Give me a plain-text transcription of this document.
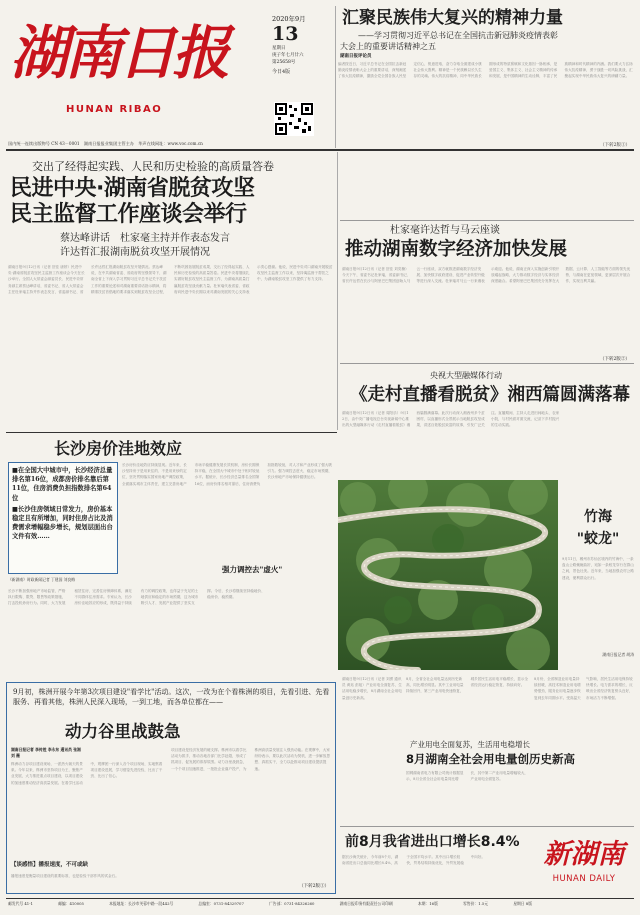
湖南日报
HUNAN RIBAO
2020年9月
13
星期日
庚子年七月廿六
第25658号
今日4版
国内统一连续出版物号 CN 43－0001　湖南日报报业集团主管主办　华声在线网址：www.voc.com.cn
汇聚民族伟大复兴的精神力量
——学习贯彻习近平总书记在全国抗击新冠肺炎疫情表彰
大会上的重要讲话精神之五
湖南日报评论员
编者按近日，习近平总书记在全国抗击新冠肺炎疫情表彰大会上的重要讲话，深刻阐述了伟大抗疫精神，激励全党全国各族人民坚定信心，锐意进取，奋力夺取全面建成小康社会伟大胜利。精神是一个民族赖以长久生存的灵魂。伟大的抗疫精神，同中华民族长期形成的特质禀赋和文化基因一脉相承，是爱国主义、集体主义、社会主义精神的传承和发展，是中国精神的生动诠释，丰富了民族精神和时代精神的内涵。我们要大力弘扬伟大抗疫精神，勇于战胜一切风险挑战，汇聚起实现中华民族伟大复兴的磅礴力量。
（下转2版①）
交出了经得起实践、人民和历史检验的高质量答卷
民进中央·湖南省脱贫攻坚
民主监督工作座谈会举行
蔡达峰讲话　杜家毫主持并作表态发言
许达哲汇报湖南脱贫攻坚开展情况
湖南日报9月12日讯（记者 贺佳 唐婷）民进中央·湖南省脱贫攻坚民主监督工作座谈会今天在长沙举行。全国人大常委会副委员长、民进中央常务副主席蔡达峰讲话，省委书记、省人大常委会主任杜家毫主持并作表态发言，省委副书记、省长许达哲汇报湖南脱贫攻坚开展情况。蔡达峰说，在中共湖南省委、省政府的坚强领导下，湖南全省上下深入学习贯彻习近平总书记关于扶贫工作的重要论述和对湖南重要讲话指示精神，将精准扶贫首倡地的要求落实到脱贫攻坚全过程，不断巩固拓展脱贫成果，交出了经得起实践、人民和历史检验的高质量答卷。民进中央将继续扎实做好脱贫攻坚民主监督工作，为湖南高质量打赢脱贫攻坚战贡献力量。杜家毫代表省委、省政府向民进中央长期以来对湖南发展的关心支持表示衷心感谢。他说，民进中央对口湖南开展脱贫攻坚民主监督工作以来，坚持寓监督于帮扶之中，为湖南脱贫攻坚工作提供了有力支持。
杜家毫许达哲与马云座谈
推动湖南数字经济加快发展
湖南日报9月12日讯（记者 贺佳 刘奕楠）今天下午，省委书记杜家毫，省委副书记、省长许达哲在长沙与阿里巴巴集团创始人马云一行座谈，双方就推进湖南数字经济发展、加快数字政府建设、促进产业转型升级等进行深入交流。杜家毫对马云一行来湘表示欢迎。他说，湖南正深入实施创新引领开放崛起战略，大力推动数字经济与实体经济深度融合。希望阿里巴巴集团充分发挥在大数据、云计算、人工智能等方面的领先优势，与湖南在更宽领域、更深层次开展合作，实现互利共赢。
（下转2版②）
央视大型融媒体行动
《走村直播看脱贫》湘西篇圆满落幕
湖南日报9月12日讯（记者 周阳乐）9月12日，由中央广播电视总台央视新闻中心推出的大型融媒体行动《走村直播看脱贫》湘西篇圆满落幕。此次行动深入湘西州多个贫困村，以直播形式全景展示当地脱贫攻坚成果，讲述百姓脱贫致富的故事，引发广泛关注。直播期间，主持人走进田间地头、农家小院，与村民面对面交流，记录下乡村振兴的生动实践。
长沙房价洼地效应
■在全国大中城市中，长沙经济总量排名第16位，成都房价排名靠后第11位，住房消费负担指数排名第64位
■长沙住房领域日常发力，房价基本稳定且有所增加，同时住房占比及消费需求增幅稳步增长，规划层面出台文件有效……
《新湖南》时政新闻记者 丁建国 刘良梅
长沙房价洼地效应持续显现。近年来，长沙坚持房子是用来住的、不是用来炒的定位，坚决贯彻落实国家房地产调控政策，全面落实城市主体责任，建立完善房地产市场平稳健康发展长效机制，房价长期保持平稳，在全国大中城市中处于相对较低水平。据统计，长沙经济总量排名全国第16位，而房价排名相对靠后，住房消费负担指数较低，对人才和产业形成了强大吸引力。强力调控去虚火，稳定市场预期，长沙房地产市场保持健康运行。
强力调控去"虚火"
长沙不断加强房地产市场监管，严格执行限购、限贷、限售等政策措施，打击投机炒房行为。同时，大力发展租赁住房，完善住房保障体系，满足不同群体住房需求。专家认为，长沙房价洼地效应的形成，既得益于持续有力的调控政策，也得益于充足的土地供应和稳定的市场预期，这为城市吸引人才、发展产业提供了坚实支撑。今后，长沙将继续坚持稳地价、稳房价、稳预期。
竹海
"蛟龙"
9月11日，郴州市苏仙区境内的竹海中，一条盘山公路蜿蜒曲折，宛如一条蛟龙穿行在群山之间，景色壮美。近年来，当地加强农村公路建设，便利群众出行。
湖南日报记者 胡涛
9月初，株洲开展今年第3次项目建设"看学比"活动。这次，一改为在个看株洲的项目，先看引进、先看服务、再看其他，株洲人民深入现场，一到工地，而各单位都在——
动力谷里战鼓急
湖南日报记者 李传胜 李永东 通讯员 张湘 刘 薇
株洲动力谷项目建设现场，一派热火朝天的景象。今年以来，株洲市坚持项目为王，聚焦产业发展，大力推进重点项目建设，以项目建设的加速度推动经济高质量发展。在看学比活动中，观摩团一行深入各个项目现场，实地察看项目建设进展，学习借鉴先进经验，比出了干劲、比出了信心。
【谈感悟】播报速度，不可或缺
播报速度是衡量项目建设的重要标准，也是检验干部作风的试金石。
项目建设是经济发展的硬支撑。株洲市以看学比活动为抓手，推动各地各部门比学赶超，形成了抓项目、促发展的浓厚氛围。动力谷里战鼓急，一个个项目加速推进，一批批企业落户投产，为株洲高质量发展注入强劲动能。在观摩中，大家纷纷表示，要以此次活动为契机，进一步解放思想、真抓实干，全力以赴推动项目建设提质提速。
（下转2版①）
湖南日报9月12日讯（记者 刘勇 通讯员 黄珏 彭旭）产业用电全面复苏，生活用电稳步增长，8月湖南全社会用电量创历史新高。
8月，全省全社会用电量达到历史新高，同比增长明显。其中工业用电量持续回升，第三产业用电快速恢复，城乡居民生活用电平稳增长，显示全省经济运行稳定恢复、持续向好。
产业用电全面复苏，生活用电稳增长
8月湖南全社会用电量创历史新高
国网湖南省电力有限公司统计数据显示，8月全省全社会用电量同比增长，其中第二产业用电量增幅较大，产业用电全面复苏。
8月份，全省制造业用电量持续回暖，高技术制造业用电增势强劲，服务业用电量逐步恢复到去年同期水平。受高温天气影响，居民生活用电保持较快增长。电力需求的增长，反映出全省经济恢复势头良好，市场活力不断增强。
前8月我省进出口增长8.4%
据长沙海关统计，今年前8个月，湖南省进出口总值同比增长8.4%，高于全国平均水平。其中出口增长较快，贸易结构持续优化，外贸发展稳中向好。	新湖南
HUNAN DAILY
邮发代号 41-1	邮编：410005	本报地址：长沙市芙蓉中路一段442号	总编室：0731-84329707	广告部：0731-84326260	湖南日报印务有限责任公司印刷	本期：16版	零售价：1.5元	星期日 8版
